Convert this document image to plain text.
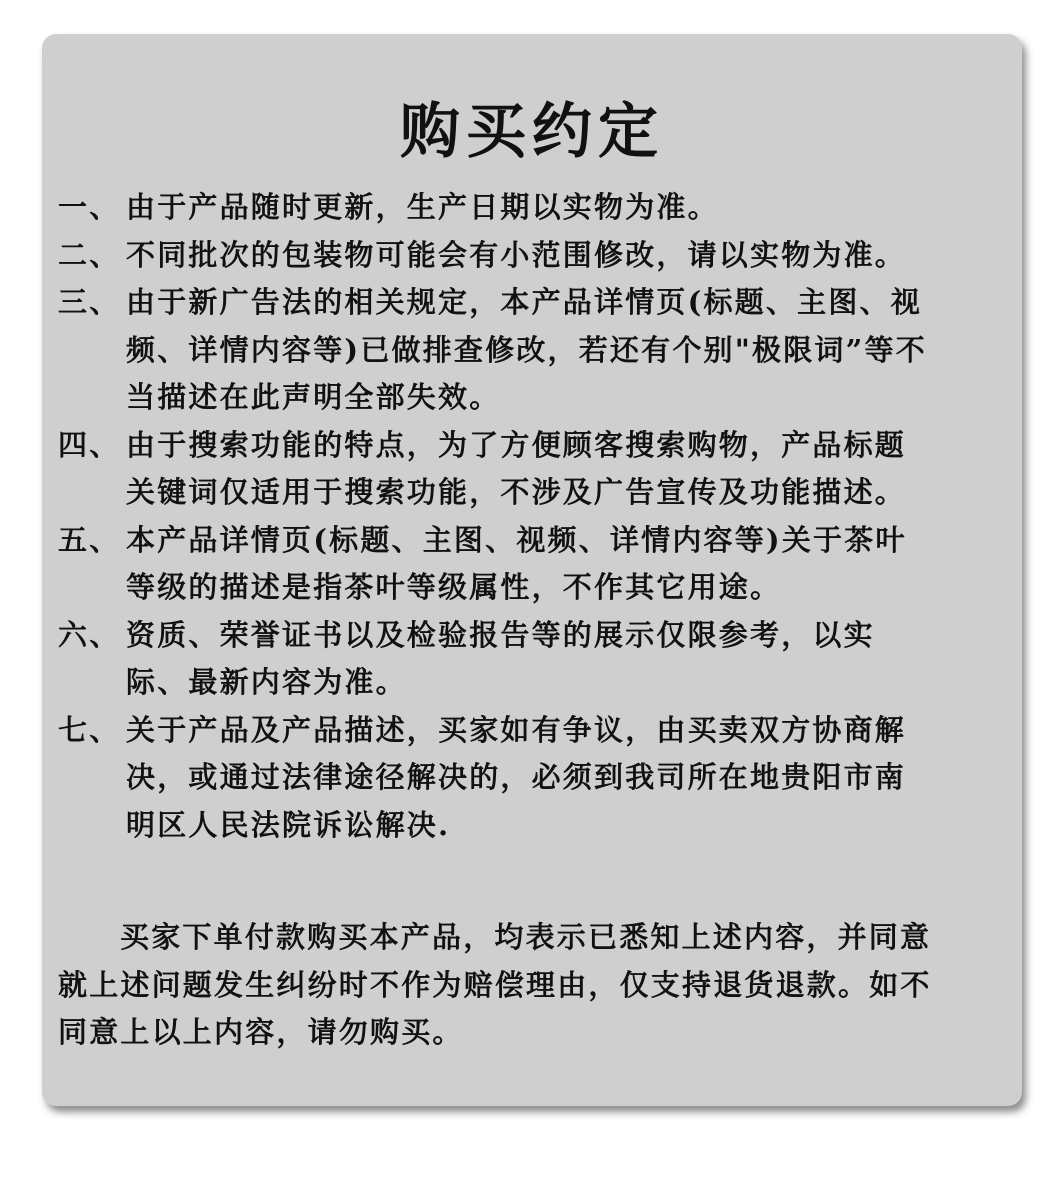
购买约定
一、 由于产品随时更新，生产日期以实物为准。
二、 不同批次的包装物可能会有小范围修改，请以实物为准。
三、 由于新广告法的相关规定，本产品详情页(标题、主图、视频、详情内容等)已做排查修改，若还有个别"极限词”等不当描述在此声明全部失效。
四、 由于搜索功能的特点，为了方便顾客搜索购物，产品标题关键词仅适用于搜索功能，不涉及广告宣传及功能描述。
五、 本产品详情页(标题、主图、视频、详情内容等)关于茶叶等级的描述是指茶叶等级属性，不作其它用途。
六、 资质、荣誉证书以及检验报告等的展示仅限参考，以实际、最新内容为准。
七、 关于产品及产品描述，买家如有争议，由买卖双方协商解决，或通过法律途径解决的，必须到我司所在地贵阳市南明区人民法院诉讼解决.

买家下单付款购买本产品，均表示已悉知上述内容，并同意就上述问题发生纠纷时不作为赔偿理由，仅支持退货退款。如不同意上以上内容，请勿购买。
